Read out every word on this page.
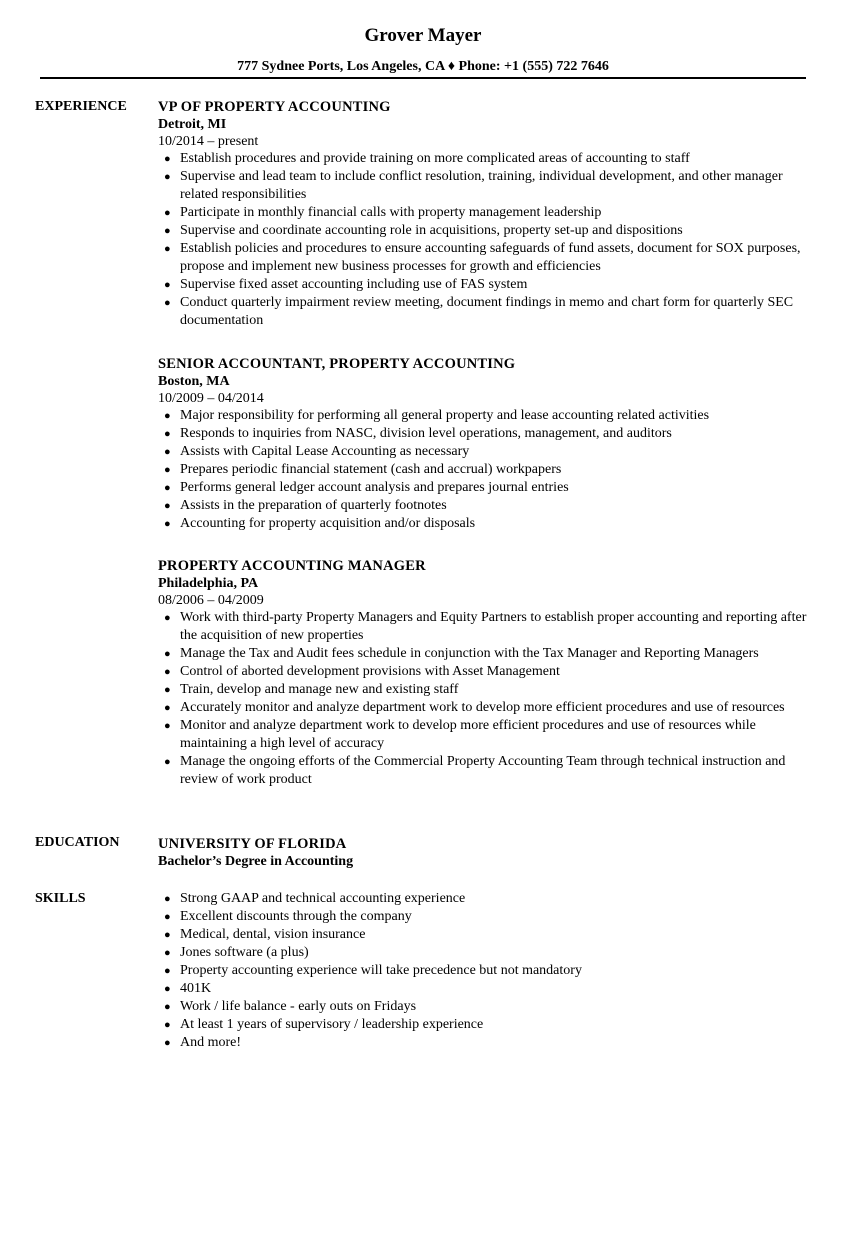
Grover Mayer
777 Sydnee Ports, Los Angeles, CA ♦ Phone: +1 (555) 722 7646
EXPERIENCE VP OF PROPERTY ACCOUNTING
Detroit, MI
10/2014 – present
● Establish procedures and provide training on more complicated areas of accounting to staff
● Supervise and lead team to include conflict resolution, training, individual development, and other manager related responsibilities
● Participate in monthly financial calls with property management leadership
● Supervise and coordinate accounting role in acquisitions, property set-up and dispositions
● Establish policies and procedures to ensure accounting safeguards of fund assets, document for SOX purposes, propose and implement new business processes for growth and efficiencies
● Supervise fixed asset accounting including use of FAS system
● Conduct quarterly impairment review meeting, document findings in memo and chart form for quarterly SEC documentation
SENIOR ACCOUNTANT, PROPERTY ACCOUNTING
Boston, MA
10/2009 – 04/2014
● Major responsibility for performing all general property and lease accounting related activities
● Responds to inquiries from NASC, division level operations, management, and auditors
● Assists with Capital Lease Accounting as necessary
● Prepares periodic financial statement (cash and accrual) workpapers
● Performs general ledger account analysis and prepares journal entries
● Assists in the preparation of quarterly footnotes
● Accounting for property acquisition and/or disposals
PROPERTY ACCOUNTING MANAGER
Philadelphia, PA
08/2006 – 04/2009
● Work with third-party Property Managers and Equity Partners to establish proper accounting and reporting after the acquisition of new properties
● Manage the Tax and Audit fees schedule in conjunction with the Tax Manager and Reporting Managers
● Control of aborted development provisions with Asset Management
● Train, develop and manage new and existing staff
● Accurately monitor and analyze department work to develop more efficient procedures and use of resources
● Monitor and analyze department work to develop more efficient procedures and use of resources while maintaining a high level of accuracy
● Manage the ongoing efforts of the Commercial Property Accounting Team through technical instruction and review of work product
EDUCATION	UNIVERSITY OF FLORIDA
Bachelor’s Degree in Accounting
SKILLS	● Strong GAAP and technical accounting experience
● Excellent discounts through the company
● Medical, dental, vision insurance
● Jones software (a plus)
● Property accounting experience will take precedence but not mandatory
● 401K
● Work / life balance - early outs on Fridays
● At least 1 years of supervisory / leadership experience
● And more!
